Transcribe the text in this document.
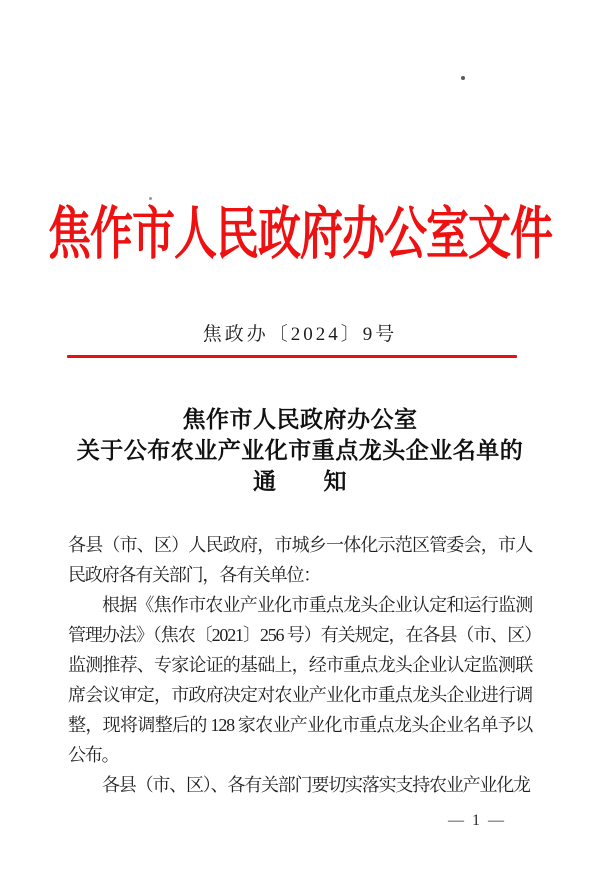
焦作市人民政府办公室文件
焦政办〔2024〕9号
焦作市人民政府办公室
关于公布农业产业化市重点龙头企业名单的
通　　知

各县（市、区）人民政府，市城乡一体化示范区管委会，市人民政府各有关部门，各有关单位：

根据《焦作市农业产业化市重点龙头企业认定和运行监测管理办法》（焦农〔2021〕256 号）有关规定，在各县（市、区）监测推荐、专家论证的基础上，经市重点龙头企业认定监测联席会议审定，市政府决定对农业产业化市重点龙头企业进行调整，现将调整后的 128 家农业产业化市重点龙头企业名单予以公布。

各县（市、区）、各有关部门要切实落实支持农业产业化龙

— 1 —
